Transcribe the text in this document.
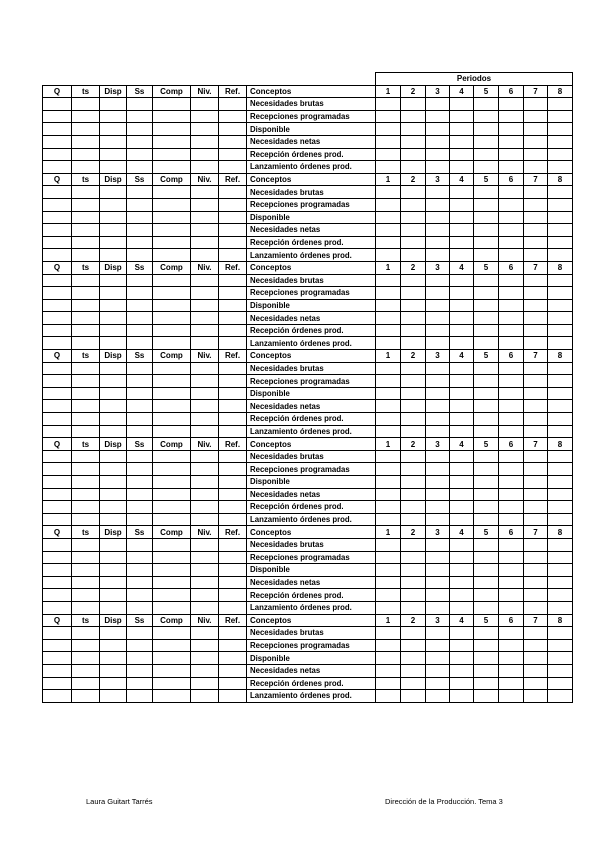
								Periodos							
Q	ts	Disp	Ss	Comp	Niv.	Ref.	Conceptos	1	2	3	4	5	6	7	8
							Necesidades brutas								
							Recepciones programadas								
							Disponible								
							Necesidades netas								
							Recepción órdenes prod.								
							Lanzamiento órdenes prod.								
Q	ts	Disp	Ss	Comp	Niv.	Ref.	Conceptos	1	2	3	4	5	6	7	8
							Necesidades brutas								
							Recepciones programadas								
							Disponible								
							Necesidades netas								
							Recepción órdenes prod.								
							Lanzamiento órdenes prod.								
Q	ts	Disp	Ss	Comp	Niv.	Ref.	Conceptos	1	2	3	4	5	6	7	8
							Necesidades brutas								
							Recepciones programadas								
							Disponible								
							Necesidades netas								
							Recepción órdenes prod.								
							Lanzamiento órdenes prod.								
Q	ts	Disp	Ss	Comp	Niv.	Ref.	Conceptos	1	2	3	4	5	6	7	8
							Necesidades brutas								
							Recepciones programadas								
							Disponible								
							Necesidades netas								
							Recepción órdenes prod.								
							Lanzamiento órdenes prod.								
Q	ts	Disp	Ss	Comp	Niv.	Ref.	Conceptos	1	2	3	4	5	6	7	8
							Necesidades brutas								
							Recepciones programadas								
							Disponible								
							Necesidades netas								
							Recepción órdenes prod.								
							Lanzamiento órdenes prod.								
Q	ts	Disp	Ss	Comp	Niv.	Ref.	Conceptos	1	2	3	4	5	6	7	8
							Necesidades brutas								
							Recepciones programadas								
							Disponible								
							Necesidades netas								
							Recepción órdenes prod.								
							Lanzamiento órdenes prod.								
Q	ts	Disp	Ss	Comp	Niv.	Ref.	Conceptos	1	2	3	4	5	6	7	8
							Necesidades brutas								
							Recepciones programadas								
							Disponible								
							Necesidades netas								
							Recepción órdenes prod.								
							Lanzamiento órdenes prod.								
Laura Guitart Tarrés	Dirección de la Producción. Tema 3
